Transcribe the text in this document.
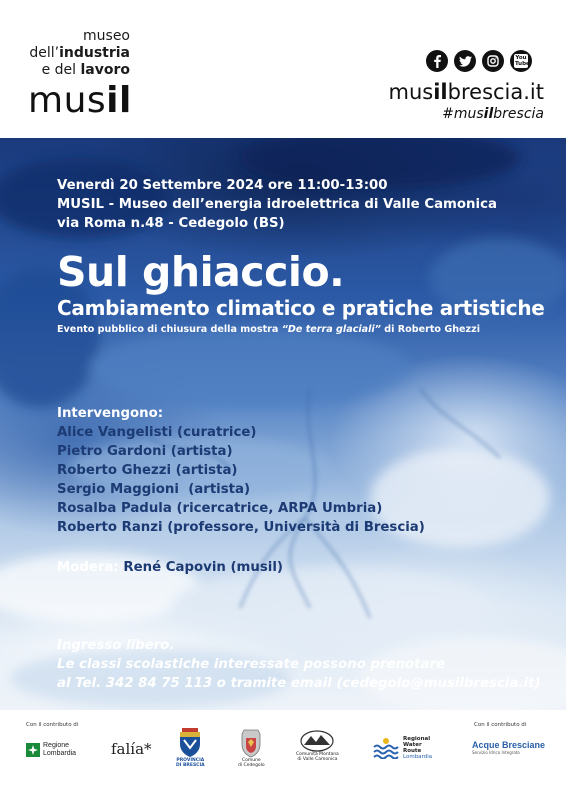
museo
dell’industria
e del lavoro
musil
You Tube
musilbrescia.it
#musilbrescia
Venerdì 20 Settembre 2024 ore 11:00-13:00
MUSIL - Museo dell’energia idroelettrica di Valle Camonica
via Roma n.48 - Cedegolo (BS)
Sul ghiaccio.
Cambiamento climatico e pratiche artistiche
Evento pubblico di chiusura della mostra “De terra glaciali” di Roberto Ghezzi
Intervengono:
Alice Vangelisti (curatrice)
Pietro Gardoni (artista)
Roberto Ghezzi (artista)
Sergio Maggioni  (artista)
Rosalba Padula (ricercatrice, ARPA Umbria)
Roberto Ranzi (professore, Università di Brescia)
Modera: René Capovin (musil)
Ingresso libero.
Le classi scolastiche interessate possono prenotare
al Tel. 342 84 75 113 o tramite email (cedegolo@musilbrescia.it)
Con il contributo di	Con il contributo di
Regione
Lombardia falía*
PROVINCIA
DI BRESCIA
Comune
di Cedegolo
Comunità Montana
di Valle Camonica
Regional
Water
Route
Lombardia
Acque Bresciane
Servizio Idrico Integrato
